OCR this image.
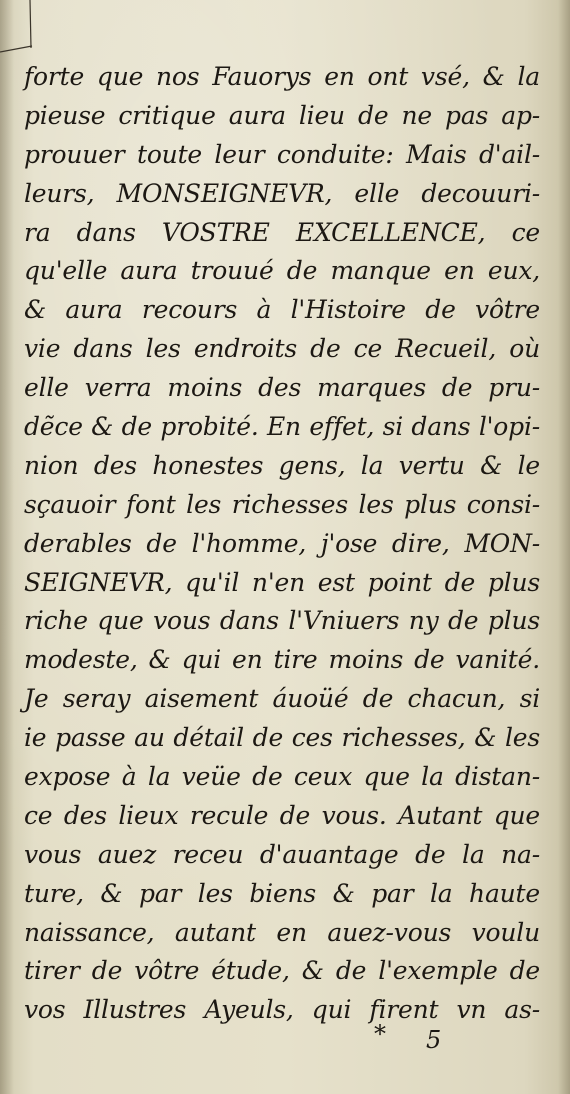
forte que nos Fauorys en ont vsé, & la
pieuse critique aura lieu de ne pas ap-
prouuer toute leur conduite: Mais d'ail-
leurs, MONSEIGNEVR, elle decouuri-
ra dans VOSTRE EXCELLENCE, ce
qu'elle aura trouué de manque en eux,
& aura recours à l'Histoire de vôtre
vie dans les endroits de ce Recueil, où
elle verra moins des marques de pru-
dẽce & de probité. En effet, si dans l'opi-
nion des honestes gens, la vertu & le
sçauoir font les richesses les plus consi-
derables de l'homme, j'ose dire, MON-
SEIGNEVR, qu'il n'en est point de plus
riche que vous dans l'Vniuers ny de plus
modeste, & qui en tire moins de vanité.
Je seray aisement áuoüé de chacun, si
ie passe au détail de ces richesses, & les
expose à la veüe de ceux que la distan-
ce des lieux recule de vous. Autant que
vous auez receu d'auantage de la na-
ture, & par les biens & par la haute
naissance, autant en auez-vous voulu
tirer de vôtre étude, & de l'exemple de
vos Illustres Ayeuls, qui firent vn as-
* 5
